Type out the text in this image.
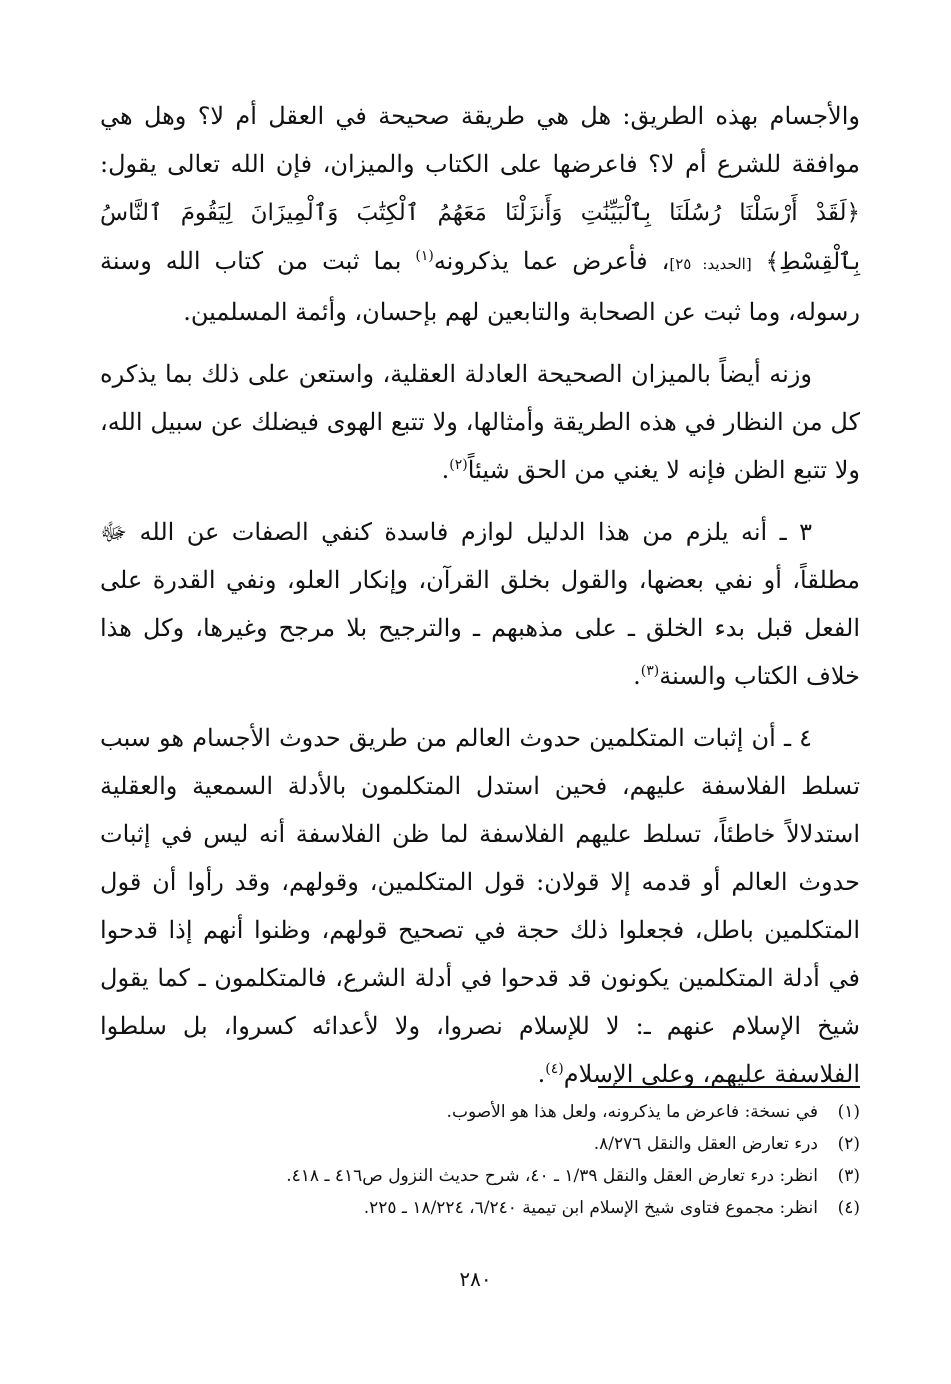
والأجسام بهذه الطريق: هل هي طريقة صحيحة في العقل أم لا؟ وهل هي موافقة للشرع أم لا؟ فاعرضها على الكتاب والميزان، فإن الله تعالى يقول: ﴿لَقَدْ أَرْسَلْنَا رُسُلَنَا بِٱلْبَيِّنَٰتِ وَأَنزَلْنَا مَعَهُمُ ٱلْكِتَٰبَ وَٱلْمِيزَانَ لِيَقُومَ ٱلنَّاسُ بِٱلْقِسْطِ﴾ [الحديد: ٢٥]، فأعرض عما يذكرونه$^{(١)}$ بما ثبت من كتاب الله وسنة رسوله، وما ثبت عن الصحابة والتابعين لهم بإحسان، وأئمة المسلمين.

وزنه أيضاً بالميزان الصحيحة العادلة العقلية، واستعن على ذلك بما يذكره كل من النظار في هذه الطريقة وأمثالها، ولا تتبع الهوى فيضلك عن سبيل الله، ولا تتبع الظن فإنه لا يغني من الحق شيئاً$^{(٢)}$.

٣ ـ أنه يلزم من هذا الدليل لوازم فاسدة كنفي الصفات عن الله ﷻ مطلقاً، أو نفي بعضها، والقول بخلق القرآن، وإنكار العلو، ونفي القدرة على الفعل قبل بدء الخلق ـ على مذهبهم ـ والترجيح بلا مرجح وغيرها، وكل هذا خلاف الكتاب والسنة$^{(٣)}$.

٤ ـ أن إثبات المتكلمين حدوث العالم من طريق حدوث الأجسام هو سبب تسلط الفلاسفة عليهم، فحين استدل المتكلمون بالأدلة السمعية والعقلية استدلالاً خاطئاً، تسلط عليهم الفلاسفة لما ظن الفلاسفة أنه ليس في إثبات حدوث العالم أو قدمه إلا قولان: قول المتكلمين، وقولهم، وقد رأوا أن قول المتكلمين باطل، فجعلوا ذلك حجة في تصحيح قولهم، وظنوا أنهم إذا قدحوا في أدلة المتكلمين يكونون قد قدحوا في أدلة الشرع، فالمتكلمون ـ كما يقول شيخ الإسلام عنهم ـ: لا للإسلام نصروا، ولا لأعدائه كسروا، بل سلطوا الفلاسفة عليهم، وعلى الإسلام$^{(٤)}$.

(١)
في نسخة: فاعرض ما يذكرونه، ولعل هذا هو الأصوب.
(٢)
درء تعارض العقل والنقل ٨/٢٧٦.
(٣)
انظر: درء تعارض العقل والنقل ١/٣٩ ـ ٤٠، شرح حديث النزول ص٤١٦ ـ ٤١٨.
(٤)
انظر: مجموع فتاوى شيخ الإسلام ابن تيمية ٦/٢٤٠، ١٨/٢٢٤ ـ ٢٢٥.
٢٨٠
